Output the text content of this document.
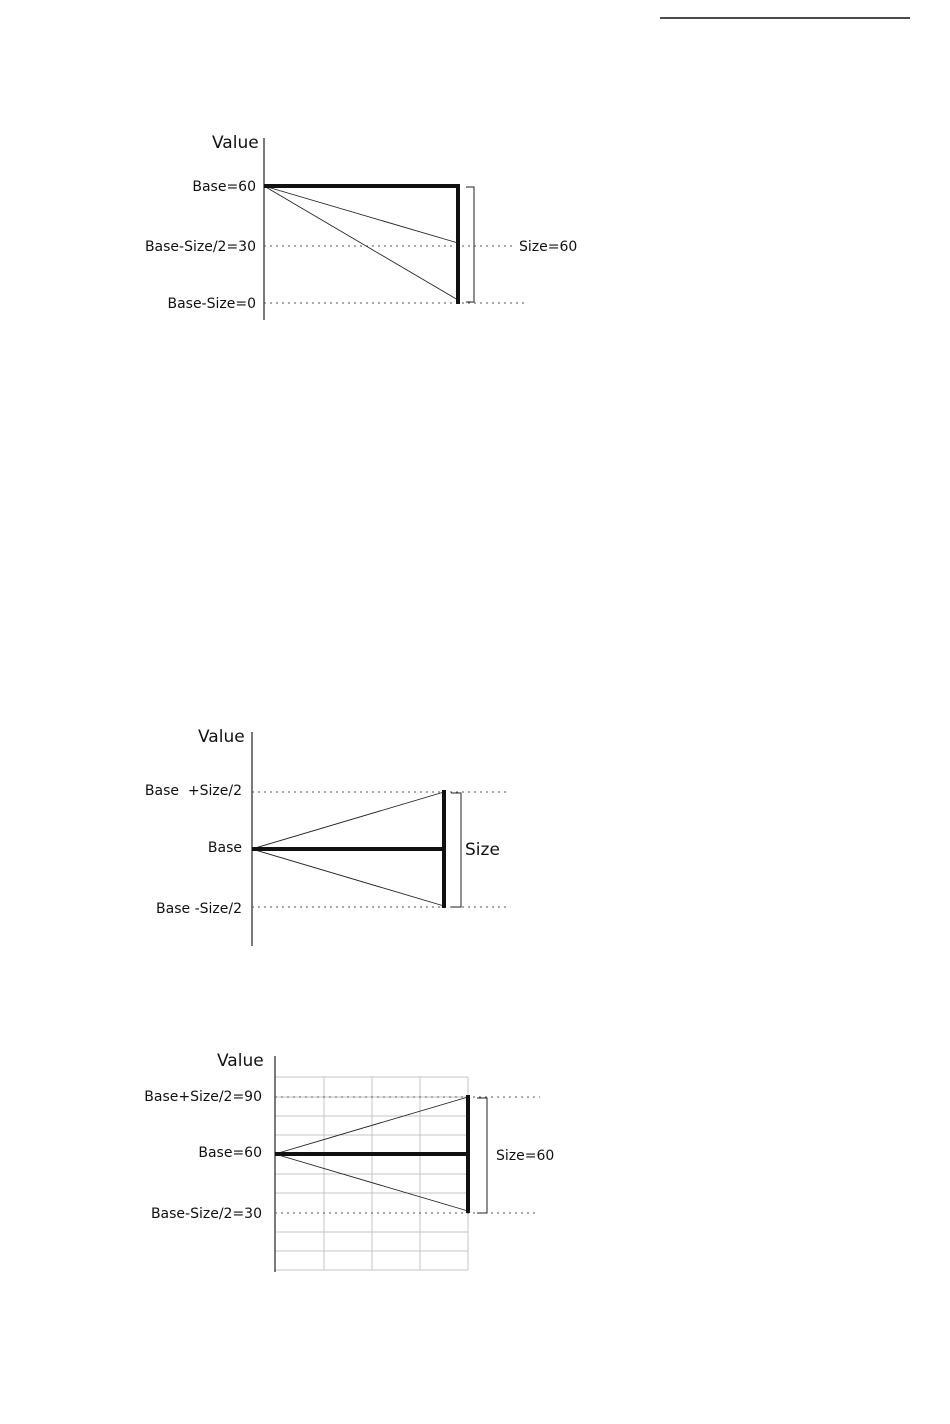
Value
Base=60
Base-Size/2=30
Base-Size=0
Size=60
Value
Base  +Size/2
Base
Base -Size/2
Size
Value
Base+Size/2=90
Base=60
Base-Size/2=30
Size=60
